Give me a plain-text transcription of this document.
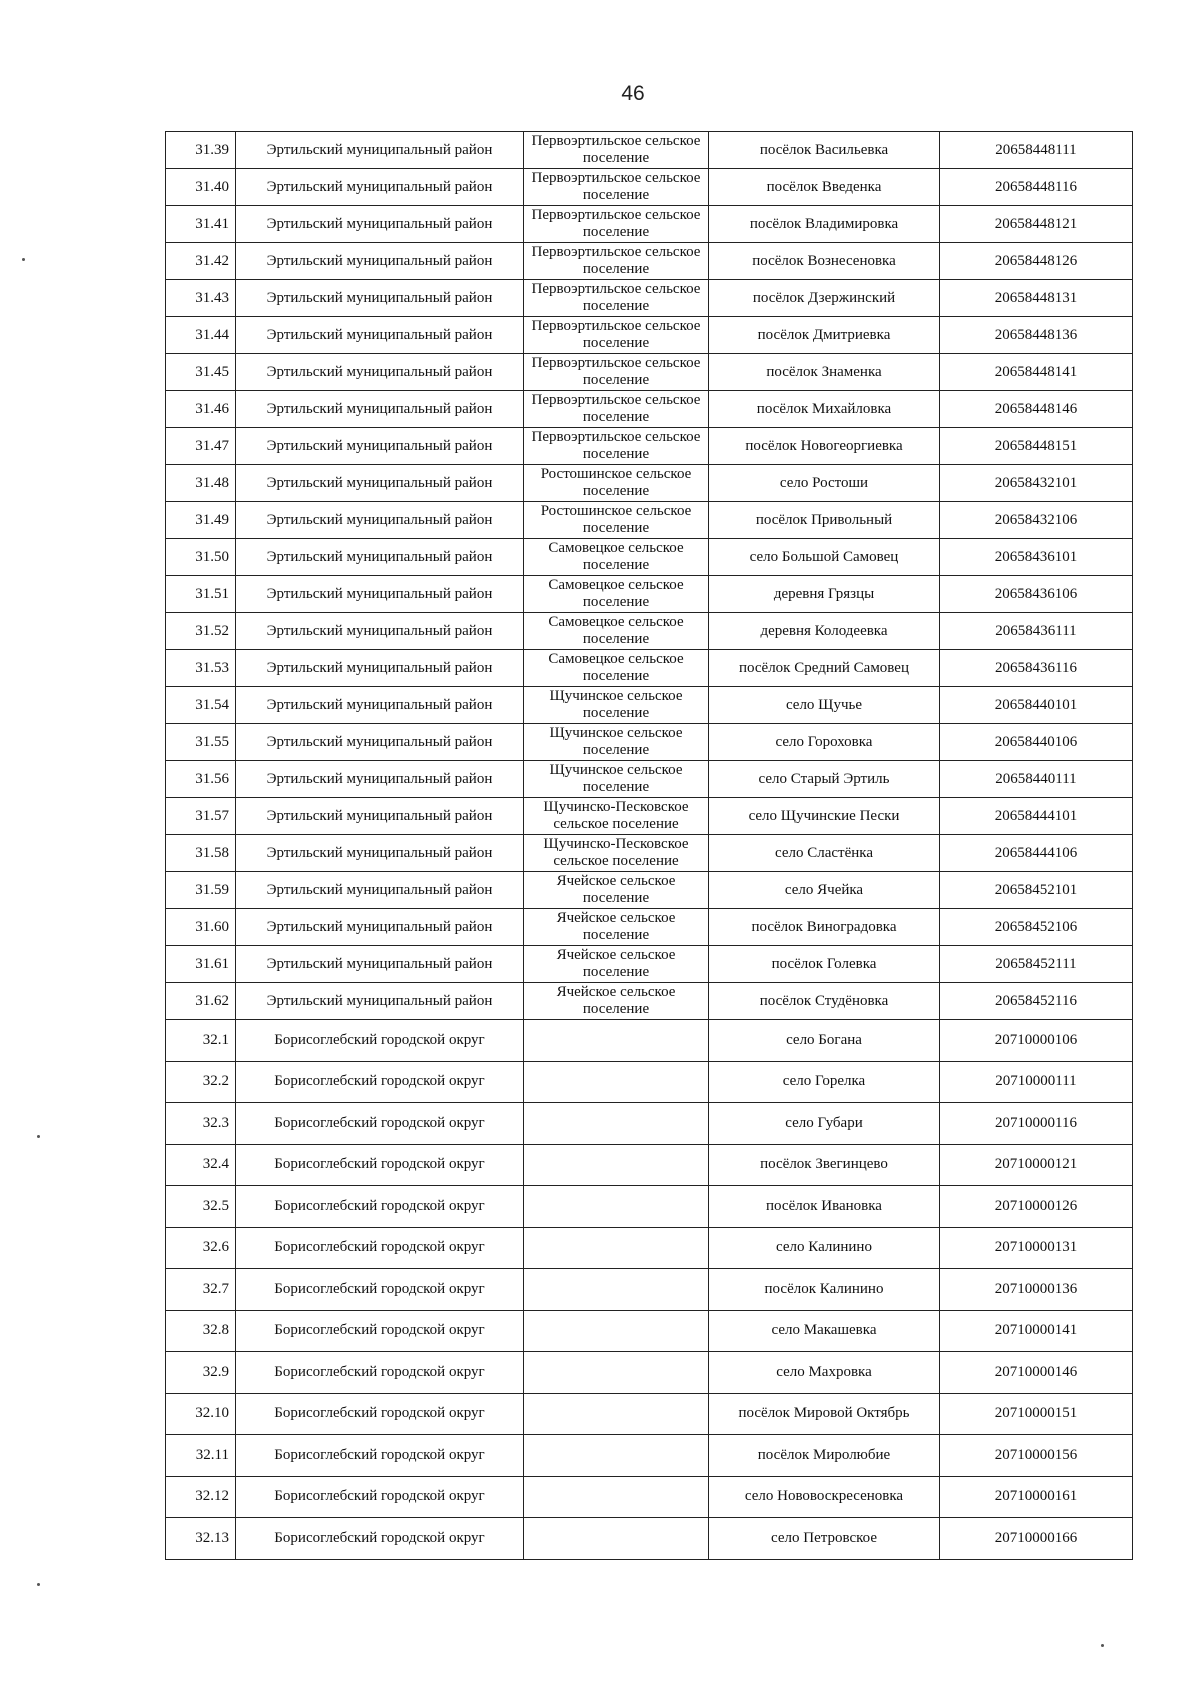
46
31.39	Эртильский муниципальный район	Первоэртильское сельское поселение	посёлок Васильевка	20658448111
31.40	Эртильский муниципальный район	Первоэртильское сельское поселение	посёлок Введенка	20658448116
31.41	Эртильский муниципальный район	Первоэртильское сельское поселение	посёлок Владимировка	20658448121
31.42	Эртильский муниципальный район	Первоэртильское сельское поселение	посёлок Вознесеновка	20658448126
31.43	Эртильский муниципальный район	Первоэртильское сельское поселение	посёлок Дзержинский	20658448131
31.44	Эртильский муниципальный район	Первоэртильское сельское поселение	посёлок Дмитриевка	20658448136
31.45	Эртильский муниципальный район	Первоэртильское сельское поселение	посёлок Знаменка	20658448141
31.46	Эртильский муниципальный район	Первоэртильское сельское поселение	посёлок Михайловка	20658448146
31.47	Эртильский муниципальный район	Первоэртильское сельское поселение	посёлок Новогеоргиевка	20658448151
31.48	Эртильский муниципальный район	Ростошинское сельское поселение	село Ростоши	20658432101
31.49	Эртильский муниципальный район	Ростошинское сельское поселение	посёлок Привольный	20658432106
31.50	Эртильский муниципальный район	Самовецкое сельское поселение	село Большой Самовец	20658436101
31.51	Эртильский муниципальный район	Самовецкое сельское поселение	деревня Грязцы	20658436106
31.52	Эртильский муниципальный район	Самовецкое сельское поселение	деревня Колодеевка	20658436111
31.53	Эртильский муниципальный район	Самовецкое сельское поселение	посёлок Средний Самовец	20658436116
31.54	Эртильский муниципальный район	Щучинское сельское поселение	село Щучье	20658440101
31.55	Эртильский муниципальный район	Щучинское сельское поселение	село Гороховка	20658440106
31.56	Эртильский муниципальный район	Щучинское сельское поселение	село Старый Эртиль	20658440111
31.57	Эртильский муниципальный район	Щучинско-Песковское сельское поселение	село Щучинские Пески	20658444101
31.58	Эртильский муниципальный район	Щучинско-Песковское сельское поселение	село Сластёнка	20658444106
31.59	Эртильский муниципальный район	Ячейское сельское поселение	село Ячейка	20658452101
31.60	Эртильский муниципальный район	Ячейское сельское поселение	посёлок Виноградовка	20658452106
31.61	Эртильский муниципальный район	Ячейское сельское поселение	посёлок Голевка	20658452111
31.62	Эртильский муниципальный район	Ячейское сельское поселение	посёлок Студёновка	20658452116
32.1	Борисоглебский городской округ		село Богана	20710000106
32.2	Борисоглебский городской округ		село Горелка	20710000111
32.3	Борисоглебский городской округ		село Губари	20710000116
32.4	Борисоглебский городской округ		посёлок Звегинцево	20710000121
32.5	Борисоглебский городской округ		посёлок Ивановка	20710000126
32.6	Борисоглебский городской округ		село Калинино	20710000131
32.7	Борисоглебский городской округ		посёлок Калинино	20710000136
32.8	Борисоглебский городской округ		село Макашевка	20710000141
32.9	Борисоглебский городской округ		село Махровка	20710000146
32.10	Борисоглебский городской округ		посёлок Мировой Октябрь	20710000151
32.11	Борисоглебский городской округ		посёлок Миролюбие	20710000156
32.12	Борисоглебский городской округ		село Нововоскресеновка	20710000161
32.13	Борисоглебский городской округ		село Петровское	20710000166
